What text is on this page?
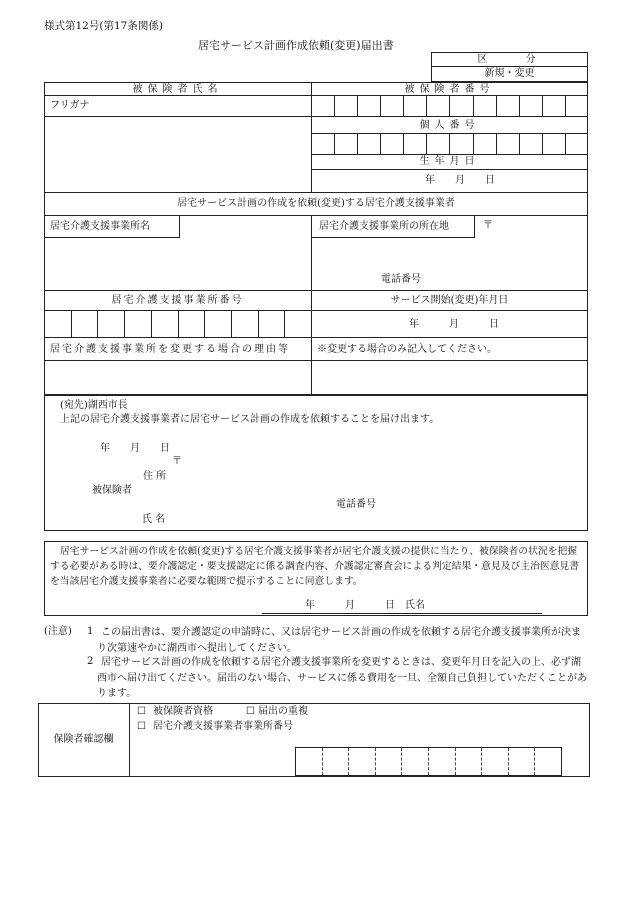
様式第12号(第17条関係)
居宅サービス計画作成依頼(変更)届出書
区　　分
新規・変更
被保険者氏名	被保険者番号
フリガナ
個人番号
生年月日
年　　月　　日
居宅サービス計画の作成を依頼(変更)する居宅介護支援事業者
居宅介護支援事業所名	居宅介護支援事業所の所在地	〒
電話番号
居宅介護支援事業所番号	サービス開始(変更)年月日
年　　　月　　　日
居宅介護支援事業所を変更する場合の理由等	※変更する場合のみ記入してください。
(宛先)湖西市長
上記の居宅介護支援事業者に居宅サービス計画の作成を依頼することを届け出ます。
年　　月　　日
〒
住 所
被保険者
電話番号
氏 名
居宅サービス計画の作成を依頼(変更)する居宅介護支援事業者が居宅介護支援の提供に当たり、被保険者の状況を把握する必要がある時は、要介護認定・要支援認定に係る調査内容、介護認定審査会による判定結果・意見及び主治医意見書を当該居宅介護支援事業者に必要な範囲で提示することに同意します。
年　　　月　　　日　氏名
(注意) 1 この届出書は、要介護認定の申請時に、又は居宅サービス計画の作成を依頼する居宅介護支援事業所が決まり次第速やかに湖西市へ提出してください。
2 居宅サービス計画の作成を依頼する居宅介護支援事業所を変更するときは、変更年月日を記入の上、必ず湖西市へ届け出てください。届出のない場合、サービスに係る費用を一旦、全額自己負担していただくことがあります。
保険者確認欄
☐ 被保険者資格	☐ 届出の重複
☐ 居宅介護支援事業者事業所番号
